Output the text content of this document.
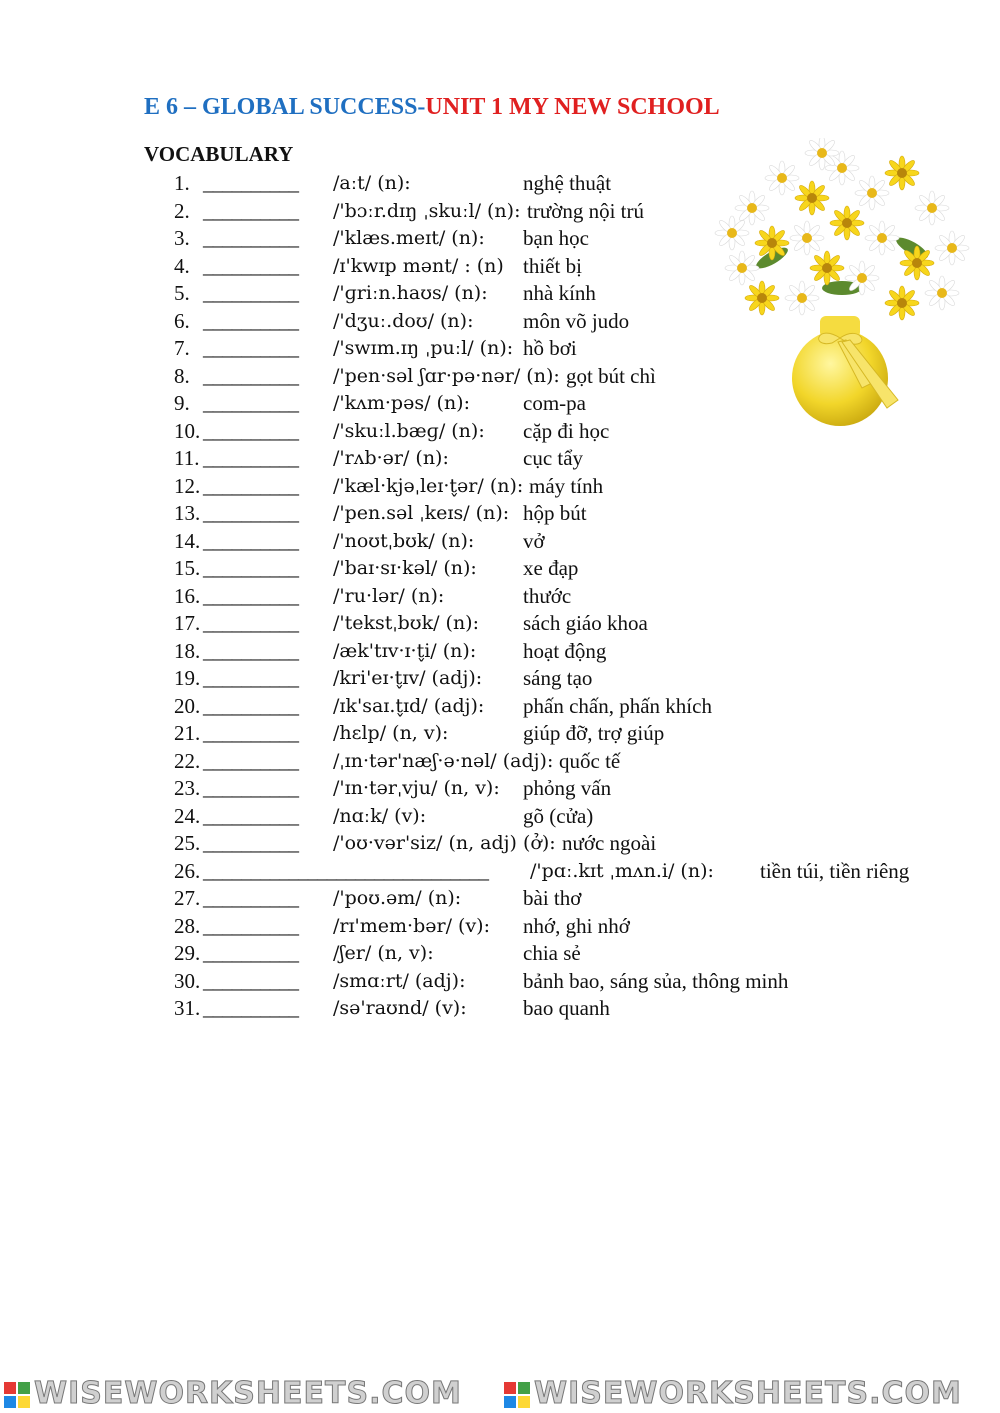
E 6 – GLOBAL SUCCESS-UNIT 1 MY NEW SCHOOL
VOCABULARY
1. __________ /aːt/ (n):	nghệ thuật
2. __________ /'bɔːr.dɪŋ ˌskuːl/ (n): trường nội trú
3. __________ /'klæs.meɪt/ (n): bạn học
4. __________ /ɪ'kwɪp mənt/ : (n) thiết bị
5. __________ /'ɡriːn.haʊs/ (n): nhà kính
6. __________ /'dʒuː.doʊ/ (n): môn võ judo
7. __________ /'swɪm.ɪŋ ˌpuːl/ (n): hồ bơi
8. __________ /'pen·səl ʃɑr·pə·nər/ (n): gọt bút chì
9. __________ /'kʌm·pəs/ (n):	com-pa
10. __________ /'skuːl.bæɡ/ (n): cặp đi học
11. __________ /'rʌb·ər/ (n):	cục tẩy
12. __________ /'kæl·kjəˌleɪ·t̬ər/ (n): máy tính
13. __________ /'pen.səl ˌkeɪs/ (n): hộp bút
14. __________ /'noʊtˌbʊk/ (n): vở
15. __________ /'baɪ·sɪ·kəl/ (n): xe đạp
16. __________ /'ru·lər/ (n):	thước
17. __________ /'tekstˌbʊk/ (n): sách giáo khoa
18. __________ /æk'tɪv·ɪ·t̬i/ (n): hoạt động
19. __________ /kri'eɪ·t̬ɪv/ (adj): sáng tạo
20. __________ /ɪk'saɪ.t̬ɪd/ (adj): phấn chấn, phấn khích
21. __________ /hɛlp/ (n, v):	giúp đỡ, trợ giúp
22. __________ /ˌɪn·tər'næʃ·ə·nəl/ (adj): quốc tế
23. __________ /'ɪn·tərˌvju/ (n, v): phỏng vấn
24. __________ /nɑːk/ (v):	gõ (cửa)
25. __________ /'oʊ·vər'siz/ (n, adj) (ở): nước ngoài
26. ______________________________ /'pɑː.kɪt ˌmʌn.i/ (n): tiền túi, tiền riêng
27. __________ /'poʊ.əm/ (n):	bài thơ
28. __________ /rɪ'mem·bər/ (v): nhớ, ghi nhớ
29. __________ /ʃer/ (n, v):	chia sẻ
30. __________ /smɑːrt/ (adj):	bảnh bao, sáng sủa, thông minh
31. __________ /sə'raʊnd/ (v):	bao quanh
WISEWORKSHEETS.COM	WISEWORKSHEETS.COM
